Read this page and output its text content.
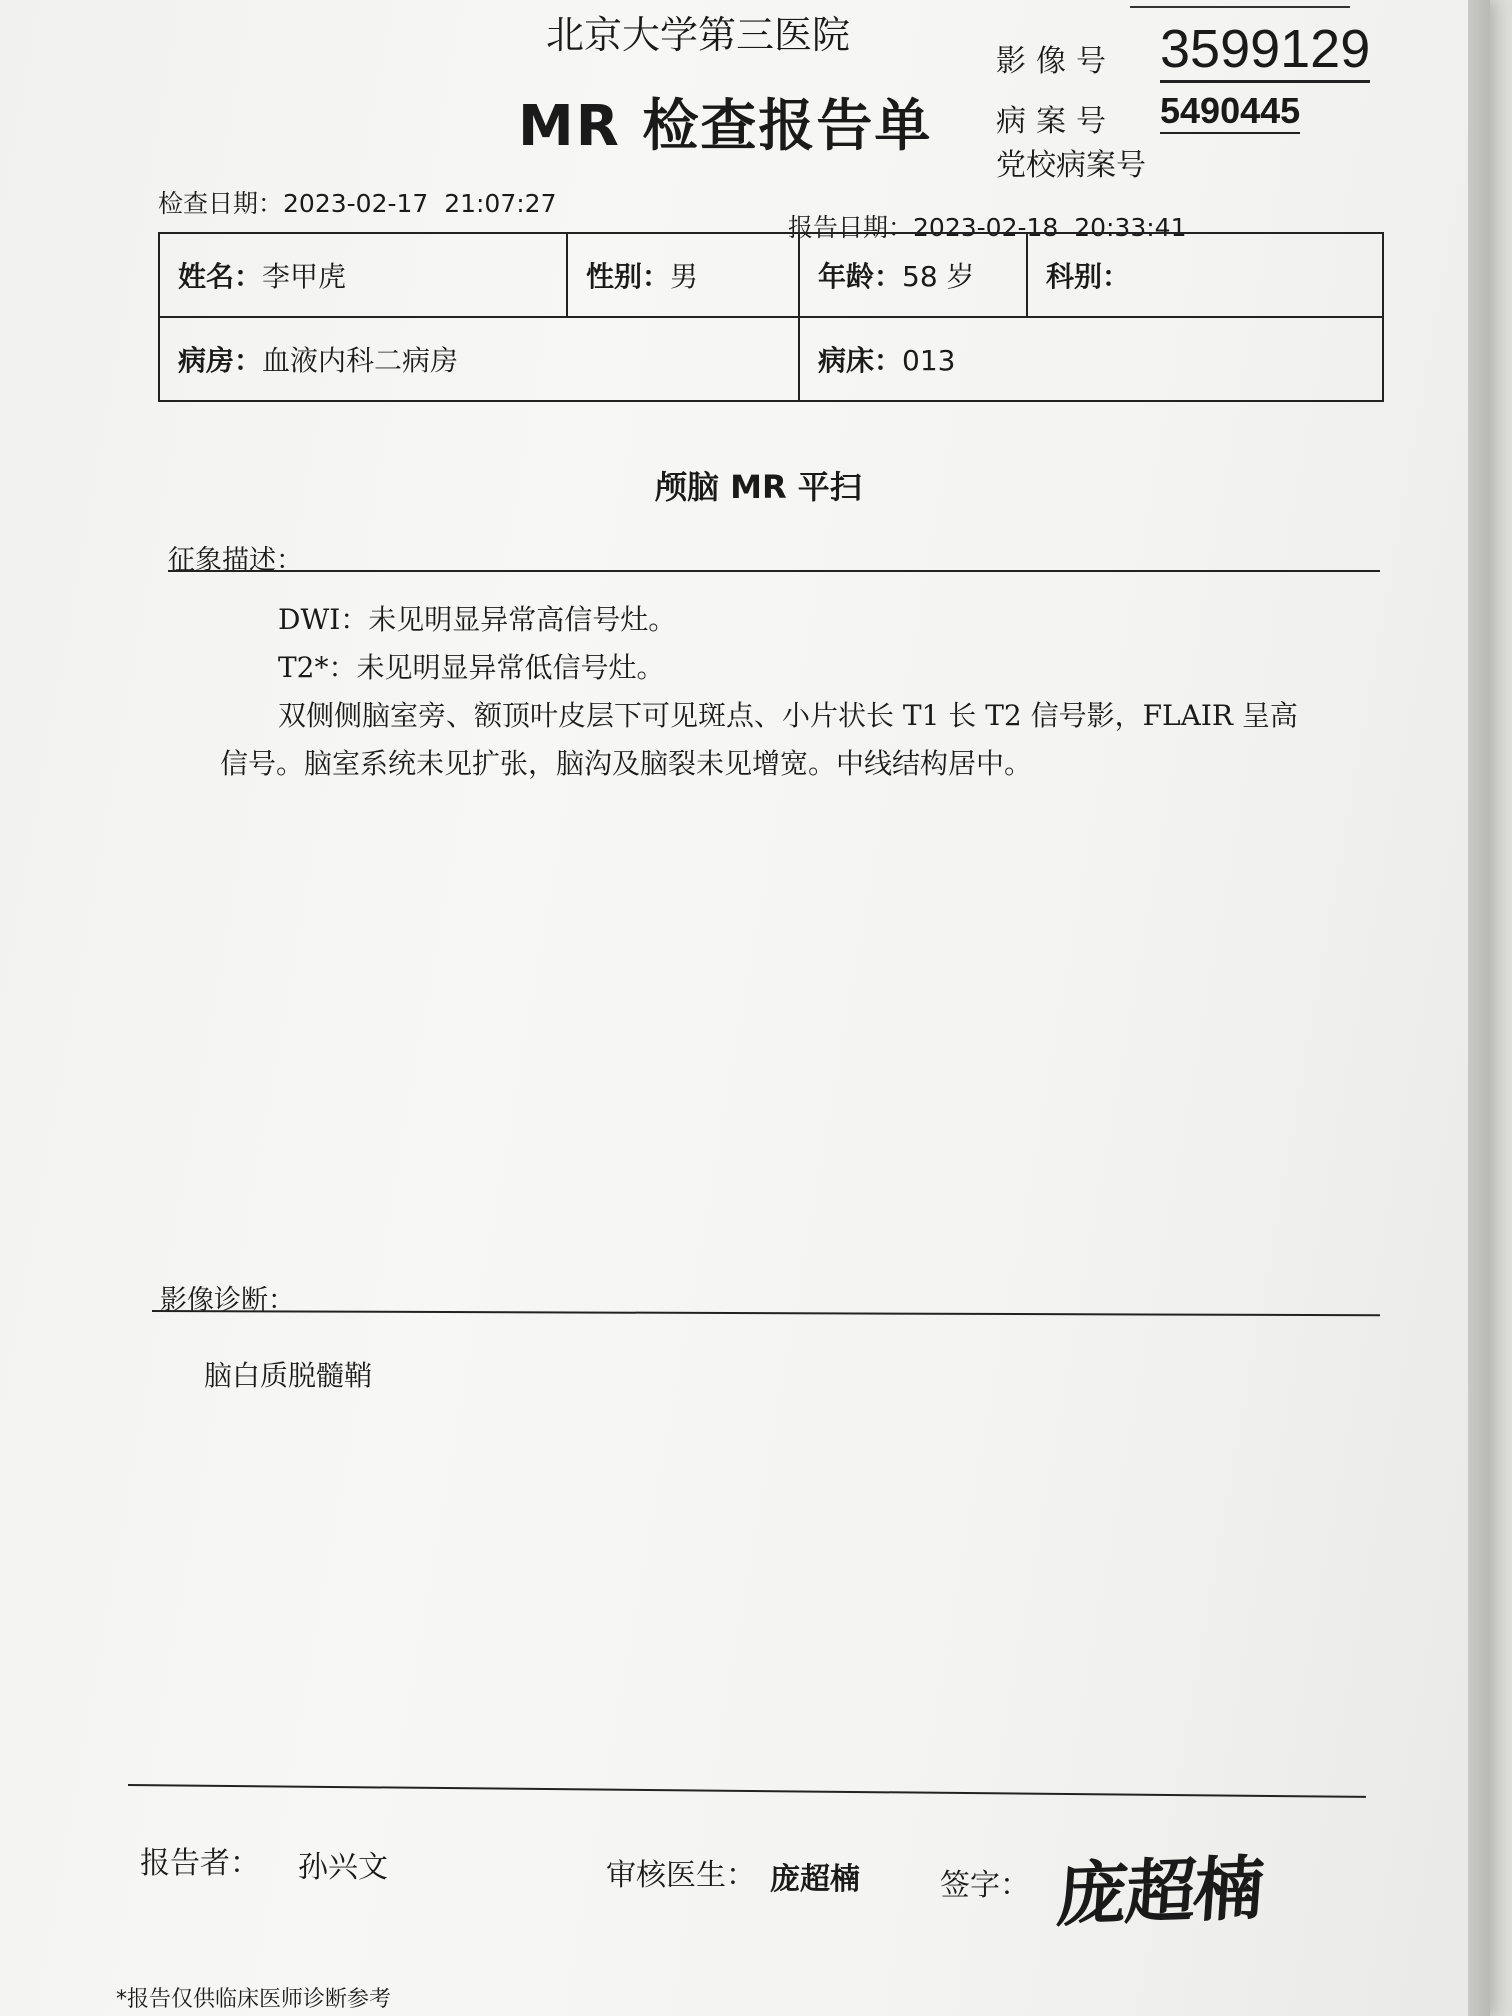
北京大学第三医院
MR 检查报告单
影像号 3599129
病案号 5490445
党校病案号
检查日期：2023-02-17  21:07:27
报告日期：2023-02-18  20:33:41
姓名：李甲虎	性别：男	年龄：58 岁	科别：
病房：血液内科二病房		病床：013	
颅脑 MR 平扫
征象描述：
DWI：未见明显异常高信号灶。
T2*：未见明显异常低信号灶。
双侧侧脑室旁、额顶叶皮层下可见斑点、小片状长 T1 长 T2 信号影，FLAIR 呈高
信号。脑室系统未见扩张，脑沟及脑裂未见增宽。中线结构居中。
影像诊断：
脑白质脱髓鞘
报告者： 孙兴文	审核医生： 庞超楠	签字： 庞超楠
*报告仅供临床医师诊断参考
